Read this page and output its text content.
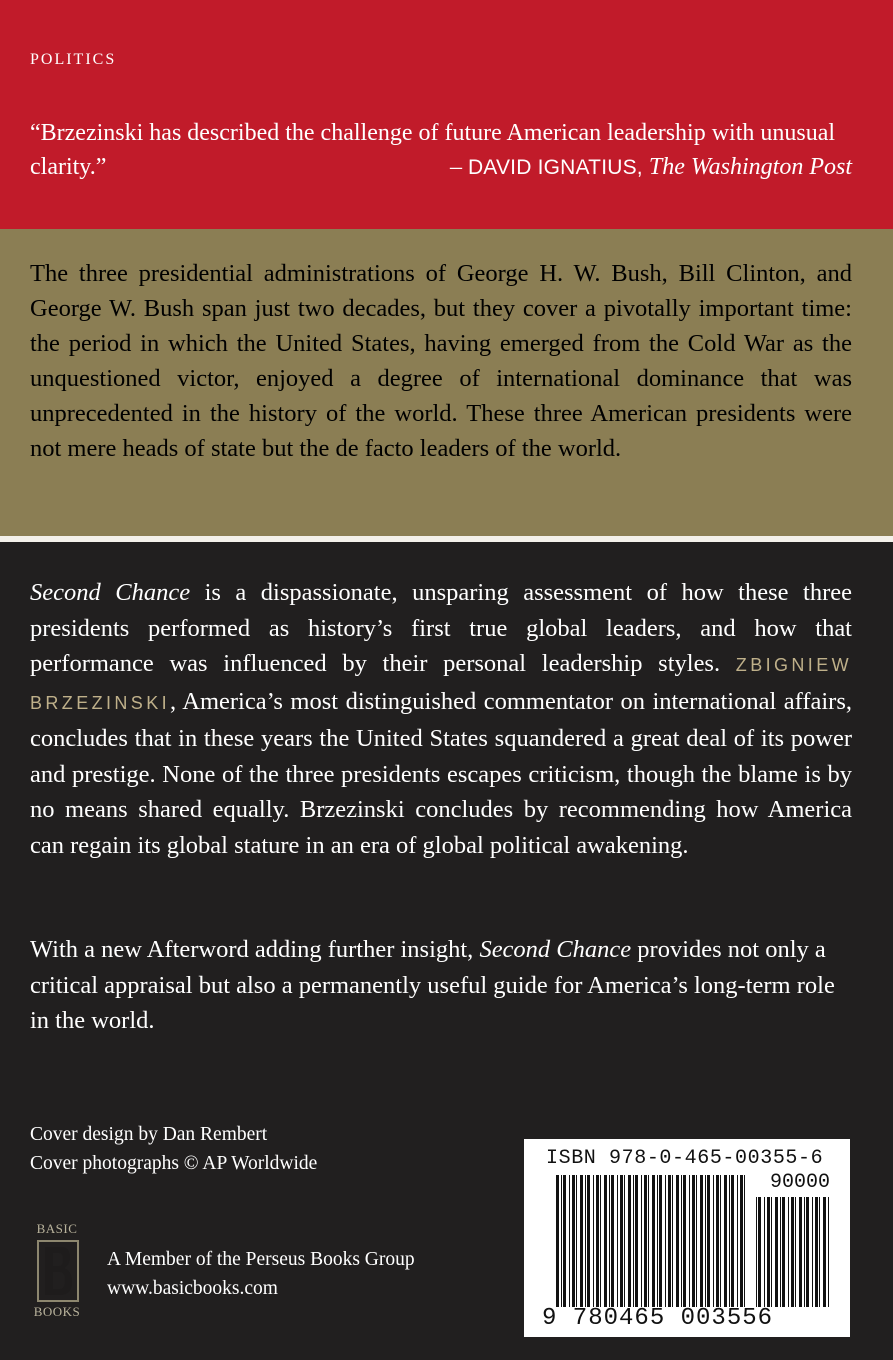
POLITICS
“Brzezinski has described the challenge of future American leadership with unusual clarity.”	– DAVID IGNATIUS, The Washington Post
The three presidential administrations of George H. W. Bush, Bill Clinton, and George W. Bush span just two decades, but they cover a pivotally important time: the period in which the United States, having emerged from the Cold War as the unquestioned victor, enjoyed a degree of international dominance that was unprecedented in the history of the world. These three American presidents were not mere heads of state but the de facto leaders of the world.
Second Chance is a dispassionate, unsparing assessment of how these three presidents performed as history’s first true global leaders, and how that performance was influenced by their personal leadership styles. ZBIGNIEW BRZEZINSKI, America’s most distinguished commentator on international affairs, concludes that in these years the United States squandered a great deal of its power and prestige. None of the three presidents escapes criticism, though the blame is by no means shared equally. Brzezinski concludes by recommending how America can regain its global stature in an era of global political awakening.
With a new Afterword adding further insight, Second Chance provides not only a critical appraisal but also a permanently useful guide for America’s long-term role in the world.
Cover design by Dan Rembert
Cover photographs © AP Worldwide
BASIC
BOOKS
A Member of the Perseus Books Group
www.basicbooks.com
ISBN 978-0-465-00355-6
90000
9 780465 003556
